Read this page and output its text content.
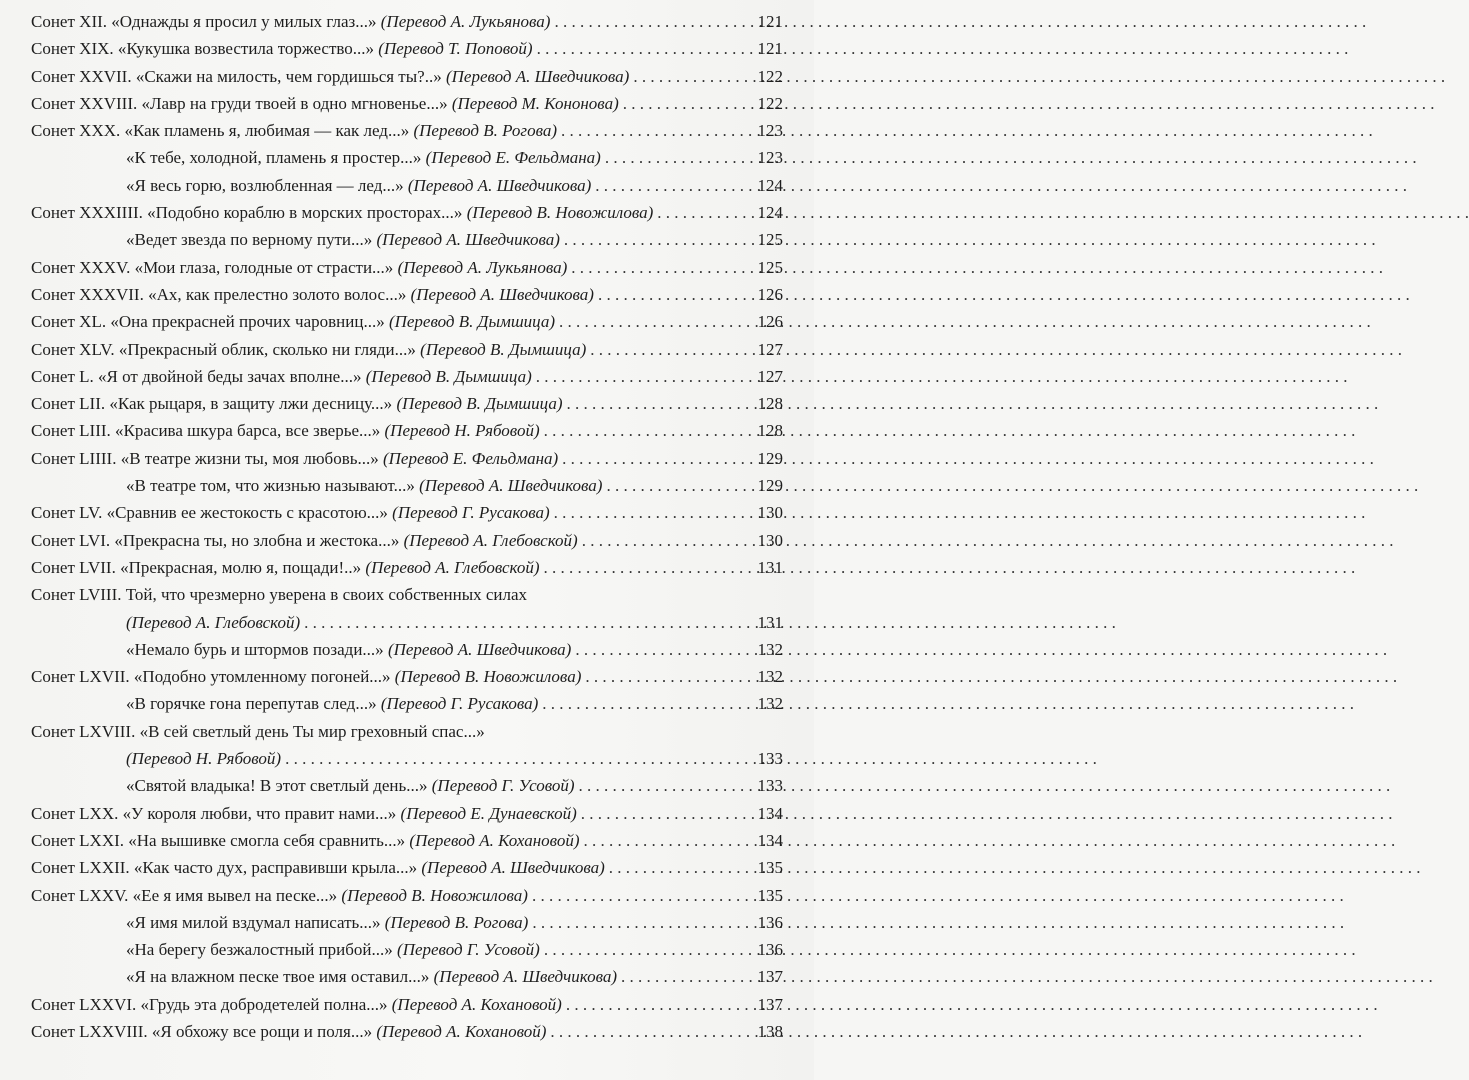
Сонет XII. «Однажды я просил у милых глаз...» (Перевод А. Лукьянова) . . .	121
Сонет XIX. «Кукушка возвестила торжество...» (Перевод Т. Поповой) . . .	121
Сонет XXVII. «Скажи на милость, чем гордишься ты?..» (Перевод А. Шведчикова) . . .	122
Сонет XXVIII. «Лавр на груди твоей в одно мгновенье...» (Перевод М. Кононова) . . .	122
Сонет XXX. «Как пламень я, любимая — как лед...» (Перевод В. Рогова) . . .	123
«К тебе, холодной, пламень я простер...» (Перевод Е. Фельдмана) . . .	123
«Я весь горю, возлюбленная — лед...» (Перевод А. Шведчикова) . . .	124
Сонет XXXIIII. «Подобно кораблю в морских просторах...» (Перевод В. Новожилова) . . .	124
«Ведет звезда по верному пути...» (Перевод А. Шведчикова) . . .	125
Сонет XXXV. «Мои глаза, голодные от страсти...» (Перевод А. Лукьянова) . . .	125
Сонет XXXVII. «Ах, как прелестно золото волос...» (Перевод А. Шведчикова) . . .	126
Сонет XL. «Она прекрасней прочих чаровниц...» (Перевод В. Дымшица) . . .	126
Сонет XLV. «Прекрасный облик, сколько ни гляди...» (Перевод В. Дымшица) . . .	127
Сонет L. «Я от двойной беды зачах вполне...» (Перевод В. Дымшица) . . .	127
Сонет LII. «Как рыцаря, в защиту лжи десницу...» (Перевод В. Дымшица) . . .	128
Сонет LIII. «Красива шкура барса, все зверье...» (Перевод Н. Рябовой) . . .	128
Сонет LIIII. «В театре жизни ты, моя любовь...» (Перевод Е. Фельдмана) . . .	129
«В театре том, что жизнью называют...» (Перевод А. Шведчикова) . . .	129
Сонет LV. «Сравнив ее жестокость с красотою...» (Перевод Г. Русакова) . . .	130
Сонет LVI. «Прекрасна ты, но злобна и жестока...» (Перевод А. Глебовской) . . .	130
Сонет LVII. «Прекрасная, молю я, пощади!..» (Перевод А. Глебовской) . . .	131
Сонет LVIII. Той, что чрезмерно уверена в своих собственных силах
(Перевод А. Глебовской) . . .	131
«Немало бурь и штормов позади...» (Перевод А. Шведчикова) . . .	132
Сонет LXVII. «Подобно утомленному погоней...» (Перевод В. Новожилова) . . .	132
«В горячке гона перепутав след...» (Перевод Г. Русакова) . . .	132
Сонет LXVIII. «В сей светлый день Ты мир греховный спас...»
(Перевод Н. Рябовой) . . .	133
«Святой владыка! В этот светлый день...» (Перевод Г. Усовой) . . .	133
Сонет LXX. «У короля любви, что правит нами...» (Перевод Е. Дунаевской) . . .	134
Сонет LXXI. «На вышивке смогла себя сравнить...» (Перевод А. Кохановой) . . .	134
Сонет LXXII. «Как часто дух, расправивши крыла...» (Перевод А. Шведчикова) . . .	135
Сонет LXXV. «Ее я имя вывел на песке...» (Перевод В. Новожилова) . . .	135
«Я имя милой вздумал написать...» (Перевод В. Рогова) . . .	136
«На берегу безжалостный прибой...» (Перевод Г. Усовой) . . .	136
«Я на влажном песке твое имя оставил...» (Перевод А. Шведчикова) . . .	137
Сонет LXXVI. «Грудь эта добродетелей полна...» (Перевод А. Кохановой) . . .	137
Сонет LXXVIII. «Я обхожу все рощи и поля...» (Перевод А. Кохановой) . . .	138
